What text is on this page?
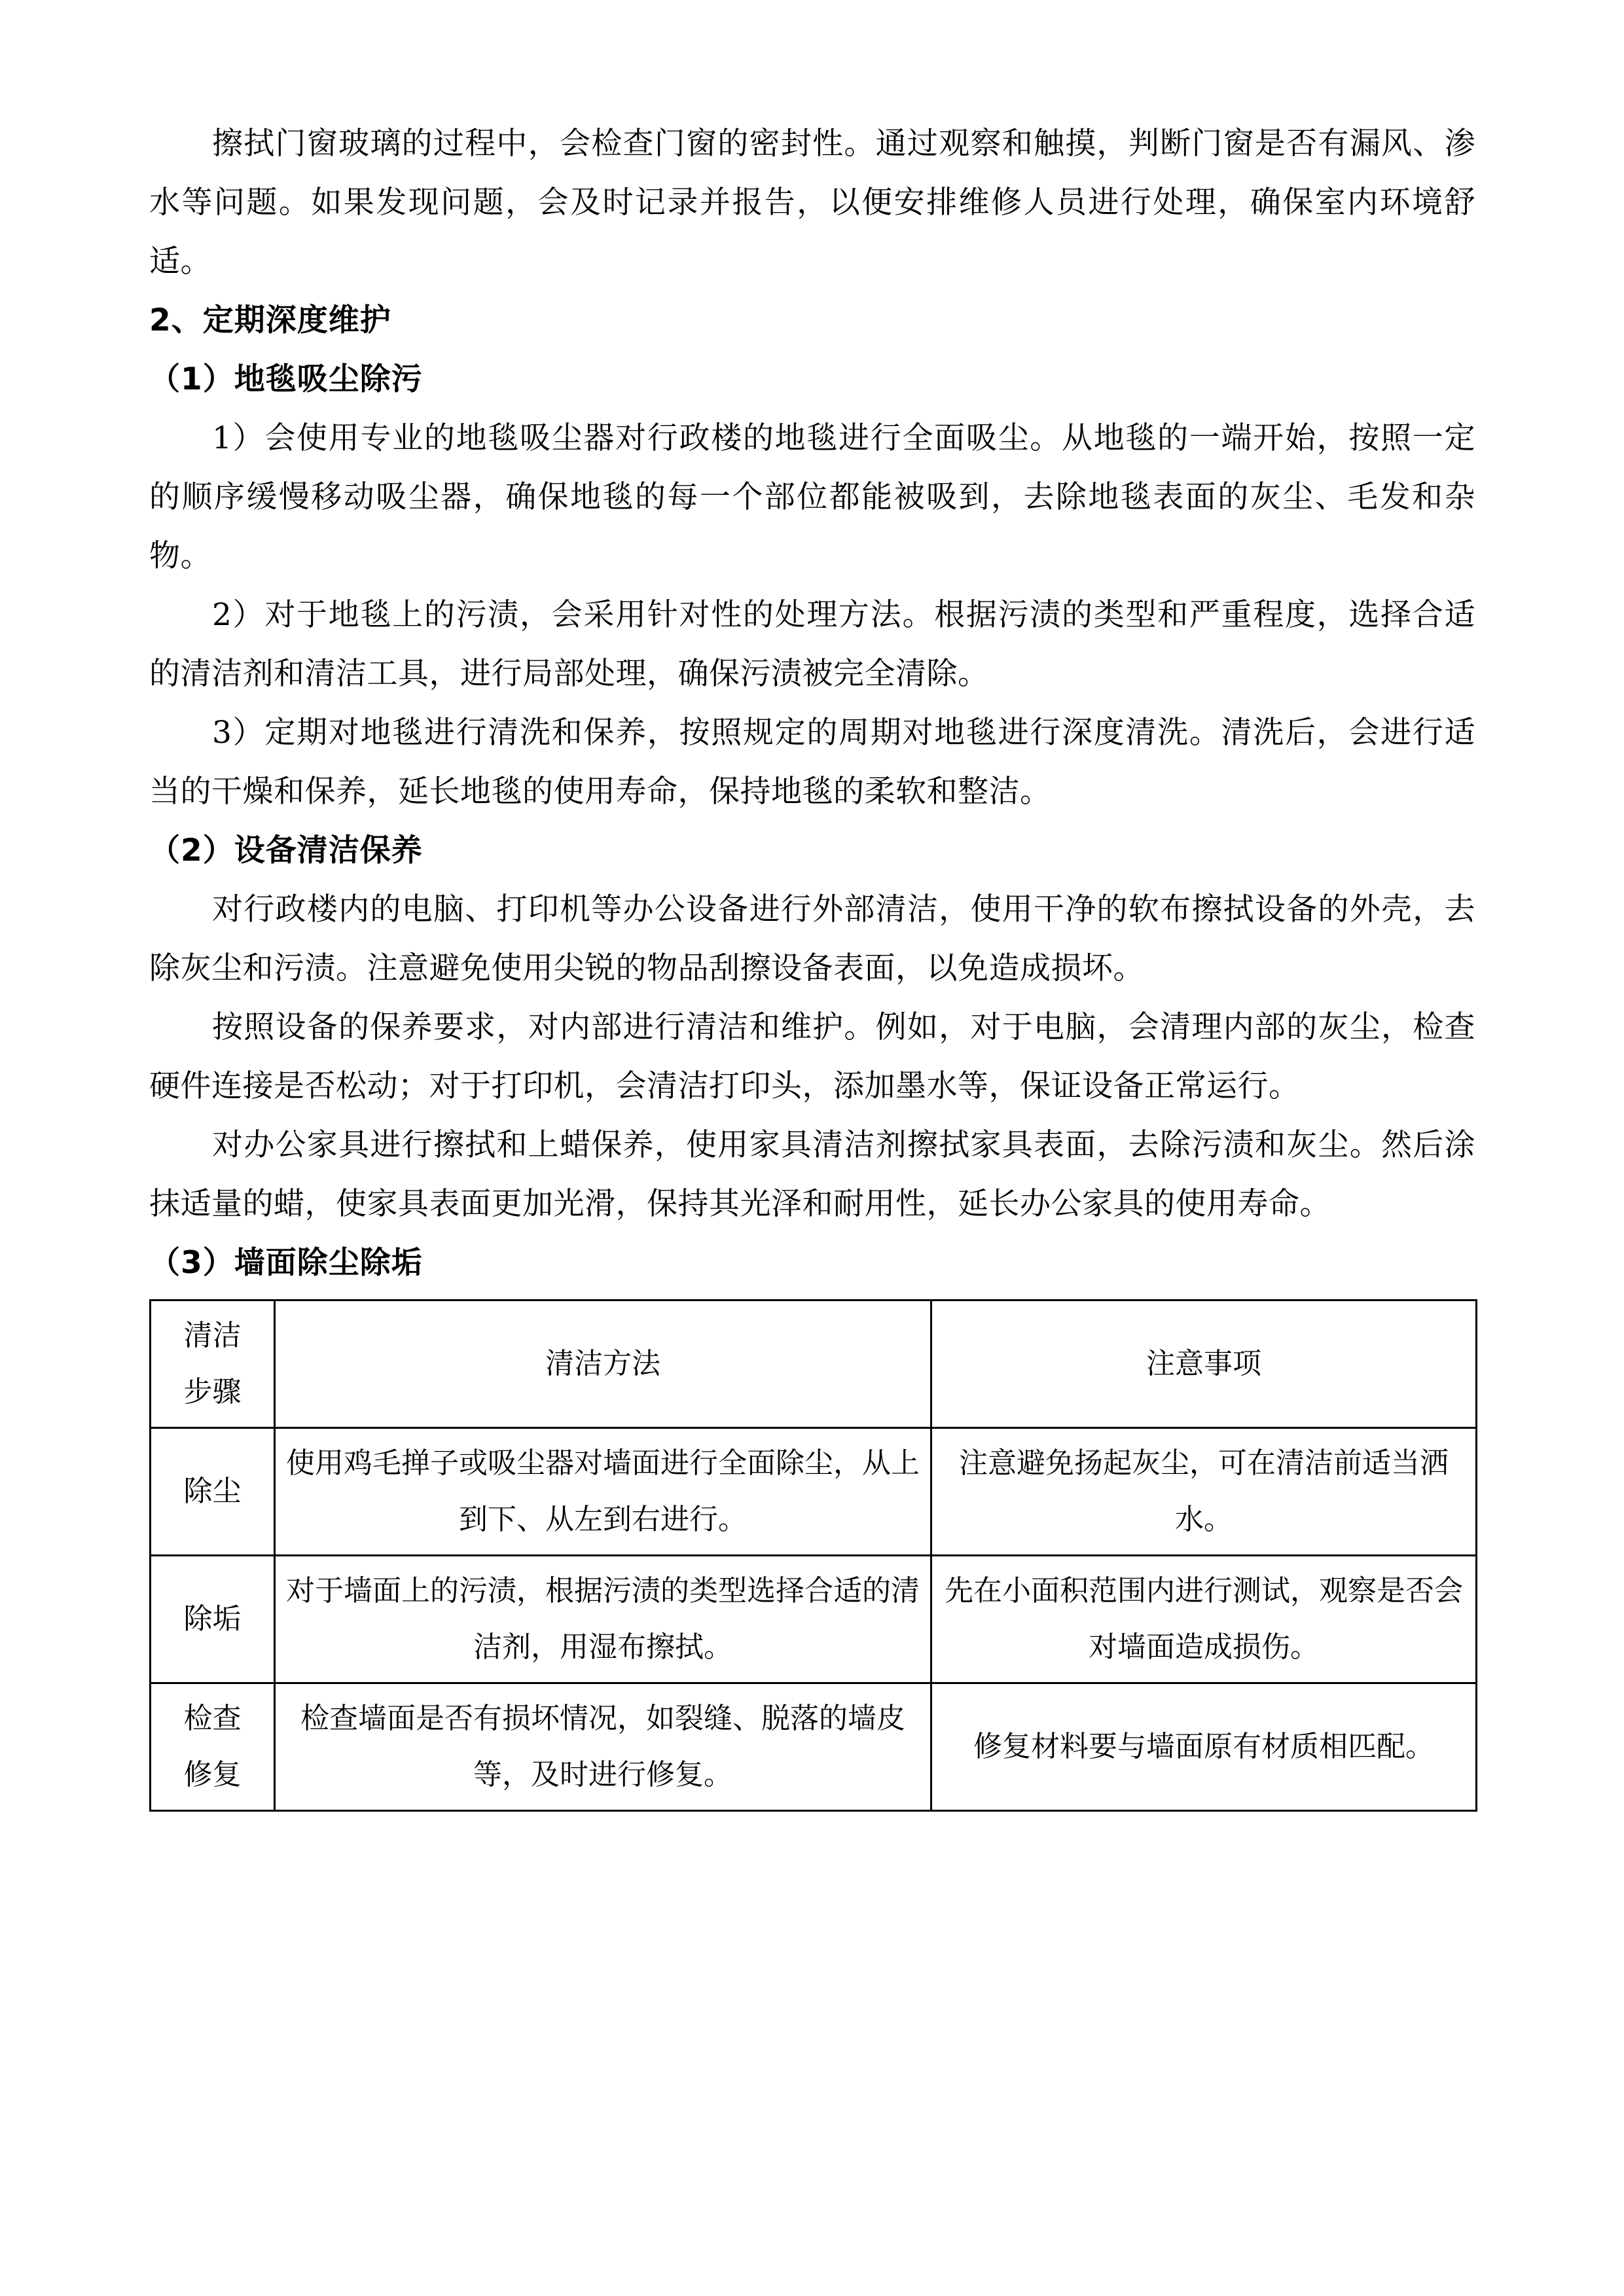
擦拭门窗玻璃的过程中，会检查门窗的密封性。通过观察和触摸，判断门窗是否有漏风、渗水等问题。如果发现问题，会及时记录并报告，以便安排维修人员进行处理，确保室内环境舒适。

2、定期深度维护

（1）地毯吸尘除污

1）会使用专业的地毯吸尘器对行政楼的地毯进行全面吸尘。从地毯的一端开始，按照一定的顺序缓慢移动吸尘器，确保地毯的每一个部位都能被吸到，去除地毯表面的灰尘、毛发和杂物。

2）对于地毯上的污渍，会采用针对性的处理方法。根据污渍的类型和严重程度，选择合适的清洁剂和清洁工具，进行局部处理，确保污渍被完全清除。

3）定期对地毯进行清洗和保养，按照规定的周期对地毯进行深度清洗。清洗后，会进行适当的干燥和保养，延长地毯的使用寿命，保持地毯的柔软和整洁。

（2）设备清洁保养

对行政楼内的电脑、打印机等办公设备进行外部清洁，使用干净的软布擦拭设备的外壳，去除灰尘和污渍。注意避免使用尖锐的物品刮擦设备表面，以免造成损坏。

按照设备的保养要求，对内部进行清洁和维护。例如，对于电脑，会清理内部的灰尘，检查硬件连接是否松动；对于打印机，会清洁打印头，添加墨水等，保证设备正常运行。

对办公家具进行擦拭和上蜡保养，使用家具清洁剂擦拭家具表面，去除污渍和灰尘。然后涂抹适量的蜡，使家具表面更加光滑，保持其光泽和耐用性，延长办公家具的使用寿命。

（3）墙面除尘除垢

清洁
步骤	清洁方法	注意事项
除尘	使用鸡毛掸子或吸尘器对墙面进行全面除尘，从上到下、从左到右进行。	注意避免扬起灰尘，可在清洁前适当洒水。
除垢	对于墙面上的污渍，根据污渍的类型选择合适的清洁剂，用湿布擦拭。	先在小面积范围内进行测试，观察是否会对墙面造成损伤。

检查
修复	检查墙面是否有损坏情况，如裂缝、脱落的墙皮等，及时进行修复。	修复材料要与墙面原有材质相匹配。
